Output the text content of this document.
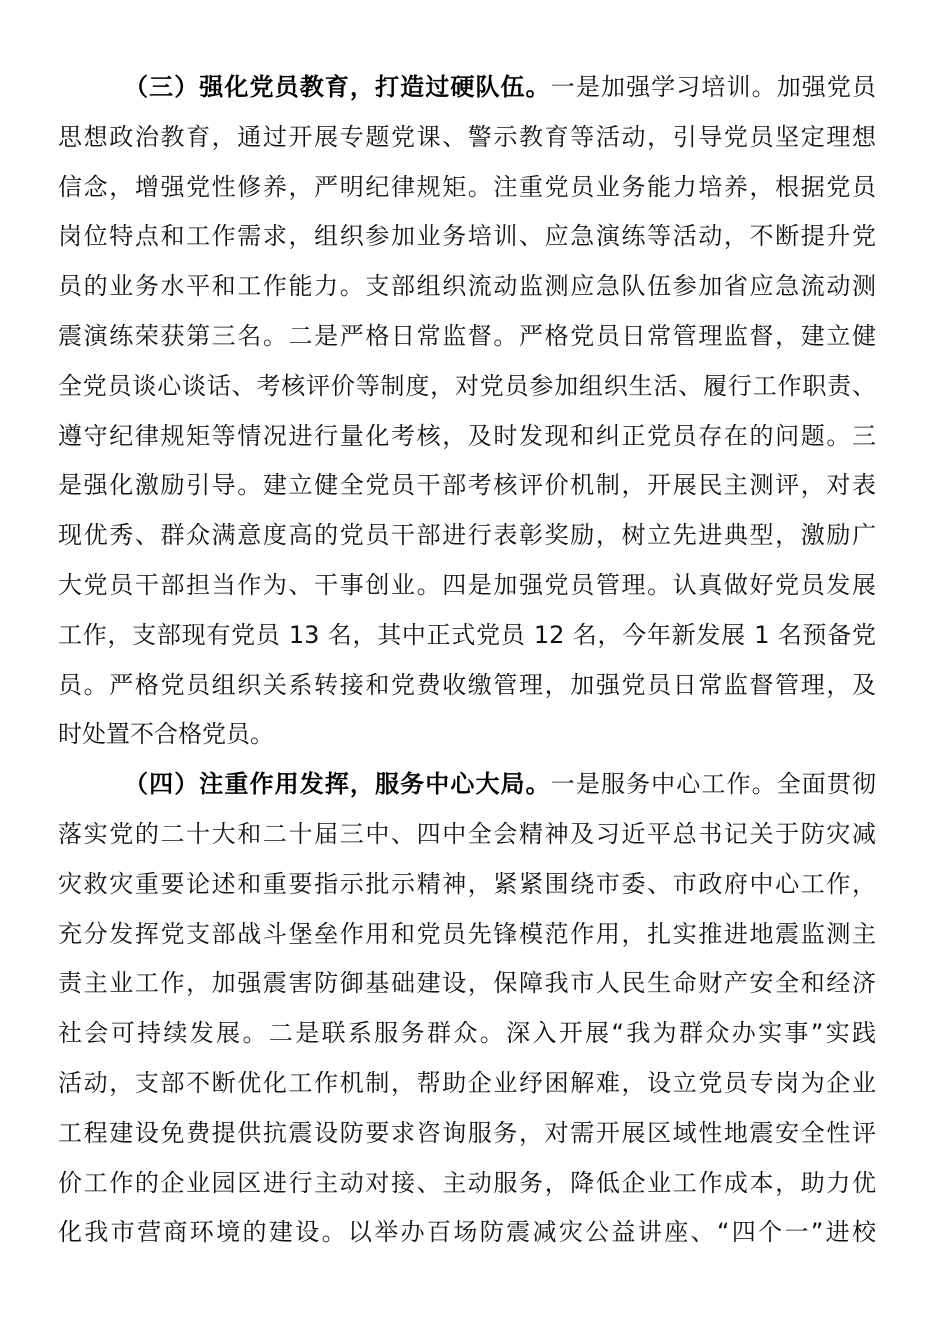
（三）强化党员教育，打造过硬队伍。一是加强学习培训。加强党员
思想政治教育，通过开展专题党课、警示教育等活动，引导党员坚定理想
信念，增强党性修养，严明纪律规矩。注重党员业务能力培养，根据党员
岗位特点和工作需求，组织参加业务培训、应急演练等活动，不断提升党
员的业务水平和工作能力。支部组织流动监测应急队伍参加省应急流动测
震演练荣获第三名。二是严格日常监督。严格党员日常管理监督，建立健
全党员谈心谈话、考核评价等制度，对党员参加组织生活、履行工作职责、
遵守纪律规矩等情况进行量化考核，及时发现和纠正党员存在的问题。三
是强化激励引导。建立健全党员干部考核评价机制，开展民主测评，对表
现优秀、群众满意度高的党员干部进行表彰奖励，树立先进典型，激励广
大党员干部担当作为、干事创业。四是加强党员管理。认真做好党员发展
工作，支部现有党员 13 名，其中正式党员 12 名，今年新发展 1 名预备党
员。严格党员组织关系转接和党费收缴管理，加强党员日常监督管理，及
时处置不合格党员。
（四）注重作用发挥，服务中心大局。一是服务中心工作。全面贯彻
落实党的二十大和二十届三中、四中全会精神及习近平总书记关于防灾减
灾救灾重要论述和重要指示批示精神，紧紧围绕市委、市政府中心工作，
充分发挥党支部战斗堡垒作用和党员先锋模范作用，扎实推进地震监测主
责主业工作，加强震害防御基础建设，保障我市人民生命财产安全和经济
社会可持续发展。二是联系服务群众。深入开展“我为群众办实事”实践
活动，支部不断优化工作机制，帮助企业纾困解难，设立党员专岗为企业
工程建设免费提供抗震设防要求咨询服务，对需开展区域性地震安全性评
价工作的企业园区进行主动对接、主动服务，降低企业工作成本，助力优
化我市营商环境的建设。以举办百场防震减灾公益讲座、“四个一”进校
